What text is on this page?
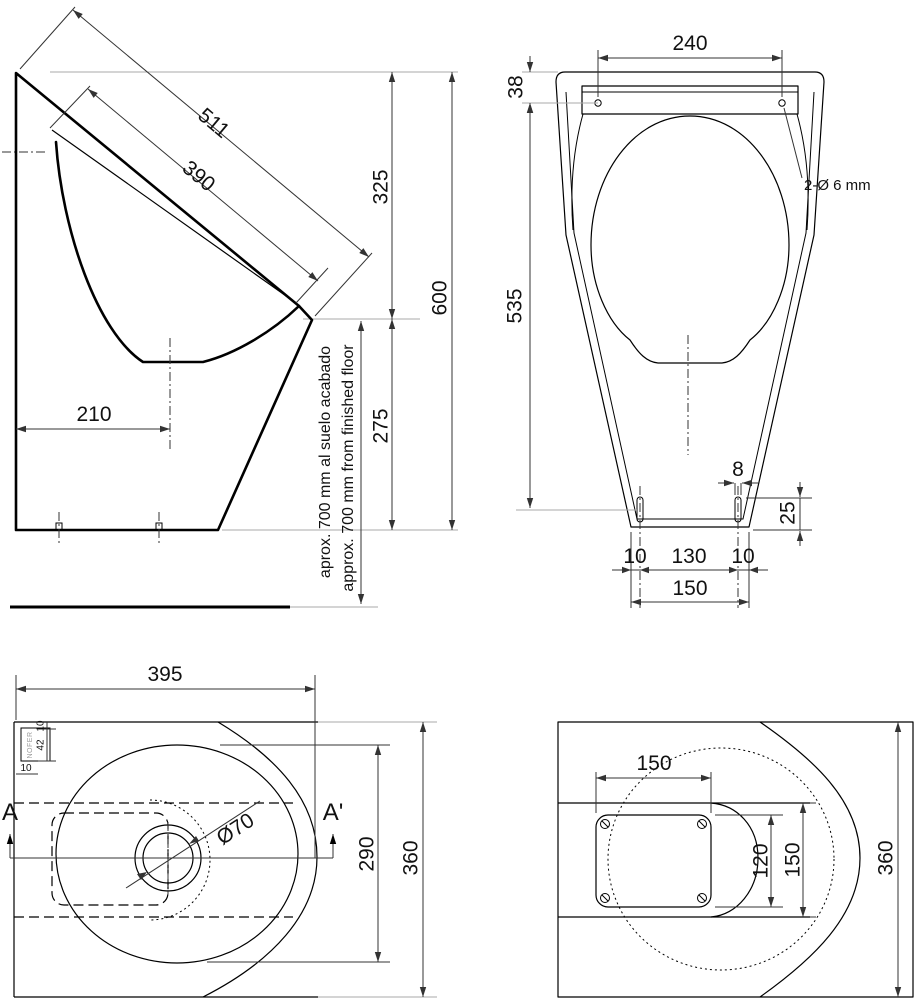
511
390	325
275
600
210	aprox. 700 mm al suelo acabado approx. 700 mm from finished floor
240
38
535
2-Ø 6 mm
8
25
10 130 10
150
A	A'
Ø70
395
NOFER
10
42
10
290 360
150
120 150	360
